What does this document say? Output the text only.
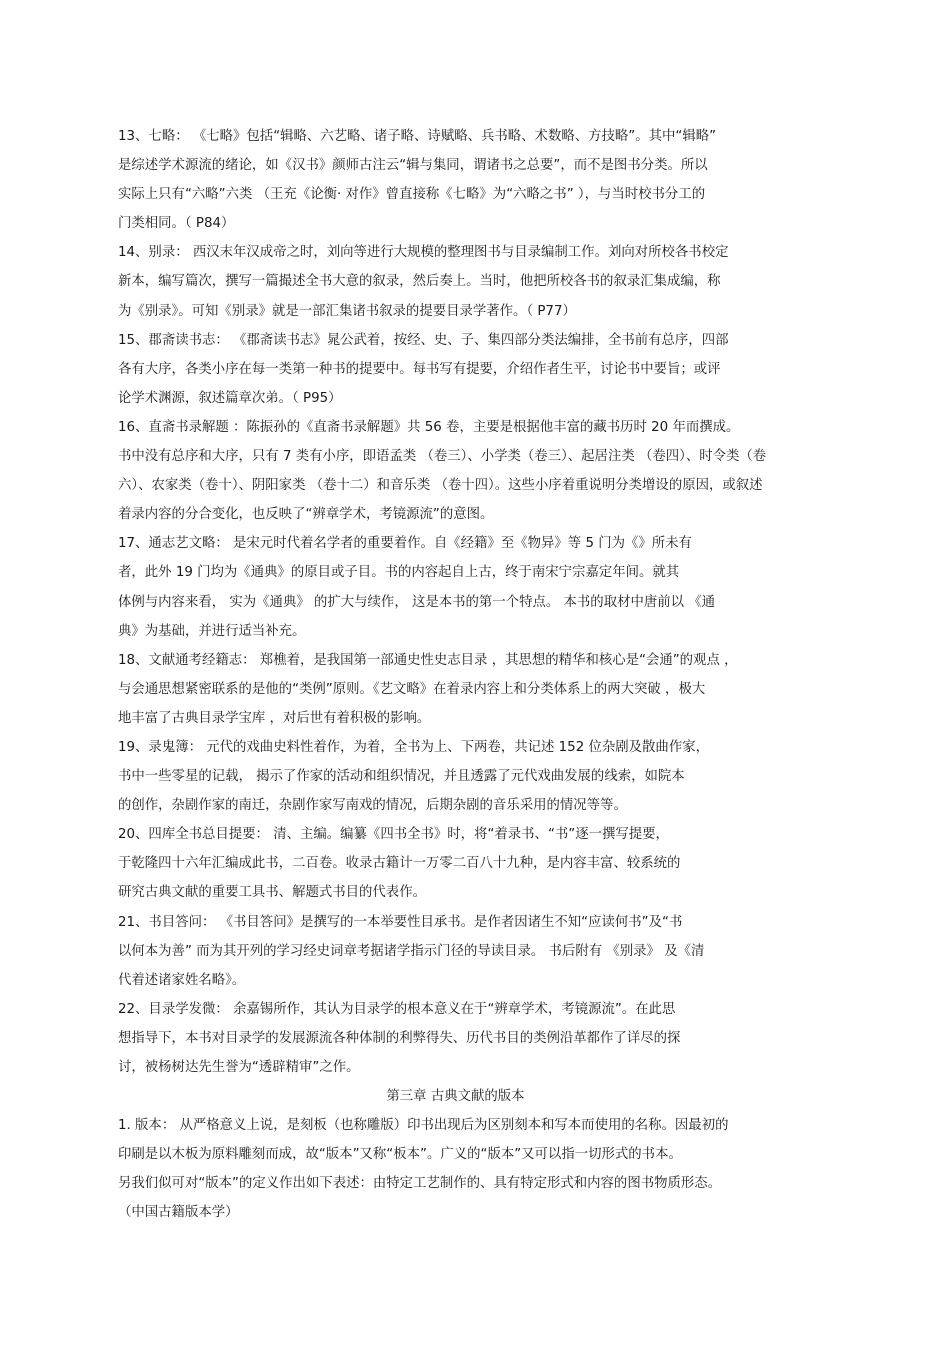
13、七略： 《七略》包括“辑略、六艺略、诸子略、诗赋略、兵书略、术数略、方技略”。其中“辑略”
是综述学术源流的绪论，如《汉书》颜师古注云“辑与集同，谓诸书之总要”，而不是图书分类。所以
实际上只有“六略”六类 （王充《论衡· 对作》曾直接称《七略》为“六略之书” ），与当时校书分工的
门类相同。（ P84）
14、别录： 西汉末年汉成帝之时，刘向等进行大规模的整理图书与目录编制工作。刘向对所校各书校定
新本，编写篇次，撰写一篇撮述全书大意的叙录，然后奏上。当时，他把所校各书的叙录汇集成编，称
为《别录》。可知《别录》就是一部汇集诸书叙录的提要目录学著作。（ P77）
15、郡斋读书志： 《郡斋读书志》晁公武着，按经、史、子、集四部分类法编排，全书前有总序，四部
各有大序，各类小序在每一类第一种书的提要中。每书写有提要，介绍作者生平，讨论书中要旨；或评
论学术渊源，叙述篇章次弟。（ P95）
16、直斋书录解题 ：陈振孙的《直斋书录解题》共 56 卷，主要是根据他丰富的藏书历时 20 年而撰成。
书中没有总序和大序，只有 7 类有小序，即语孟类 （卷三）、小学类（卷三）、起居注类 （卷四）、时令类（卷
六）、农家类（卷十）、阴阳家类 （卷十二）和音乐类 （卷十四）。这些小序着重说明分类增设的原因，或叙述
着录内容的分合变化，也反映了“辨章学术，考镜源流”的意图。
17、通志艺文略： 是宋元时代着名学者的重要着作。自《经籍》至《物异》等 5 门为《》所未有
者，此外 19 门均为《通典》的原目或子目。书的内容起自上古，终于南宋宁宗嘉定年间。就其
体例与内容来看， 实为《通典》 的扩大与续作， 这是本书的第一个特点。 本书的取材中唐前以 《通
典》为基础，并进行适当补充。
18、文献通考经籍志： 郑樵着，是我国第一部通史性史志目录 ，其思想的精华和核心是“会通”的观点 ，
与会通思想紧密联系的是他的“类例”原则。《艺文略》在着录内容上和分类体系上的两大突破 ，极大
地丰富了古典目录学宝库 ，对后世有着积极的影响。
19、录鬼簿： 元代的戏曲史料性着作，为着，全书为上、下两卷，共记述 152 位杂剧及散曲作家，
书中一些零星的记载， 揭示了作家的活动和组织情况，并且透露了元代戏曲发展的线索，如院本
的创作，杂剧作家的南迁，杂剧作家写南戏的情况，后期杂剧的音乐采用的情况等等。
20、四库全书总目提要： 清、主编。编纂《四书全书》时，将“着录书、“书”逐一撰写提要，
于乾隆四十六年汇编成此书，二百卷。收录古籍计一万零二百八十九种，是内容丰富、较系统的
研究古典文献的重要工具书、解题式书目的代表作。
21、书目答问： 《书目答问》是撰写的一本举要性目承书。是作者因诸生不知“应读何书”及“书
以何本为善” 而为其开列的学习经史词章考据诸学指示门径的导读目录。 书后附有 《别录》 及《清
代着述诸家姓名略》。
22、目录学发微： 余嘉锡所作，其认为目录学的根本意义在于“辨章学术，考镜源流”。在此思
想指导下，本书对目录学的发展源流各种体制的利弊得失、历代书目的类例沿革都作了详尽的探
讨，被杨树达先生誉为“透辟精审”之作。
第三章 古典文献的版本
1. 版本： 从严格意义上说，是刻板（也称雕版）印书出现后为区别刻本和写本而使用的名称。因最初的
印刷是以木板为原料雕刻而成，故“版本”又称“板本”。广义的“版本”又可以指一切形式的书本。
另我们似可对“版本”的定义作出如下表述：由特定工艺制作的、具有特定形式和内容的图书物质形态。
（中国古籍版本学）
